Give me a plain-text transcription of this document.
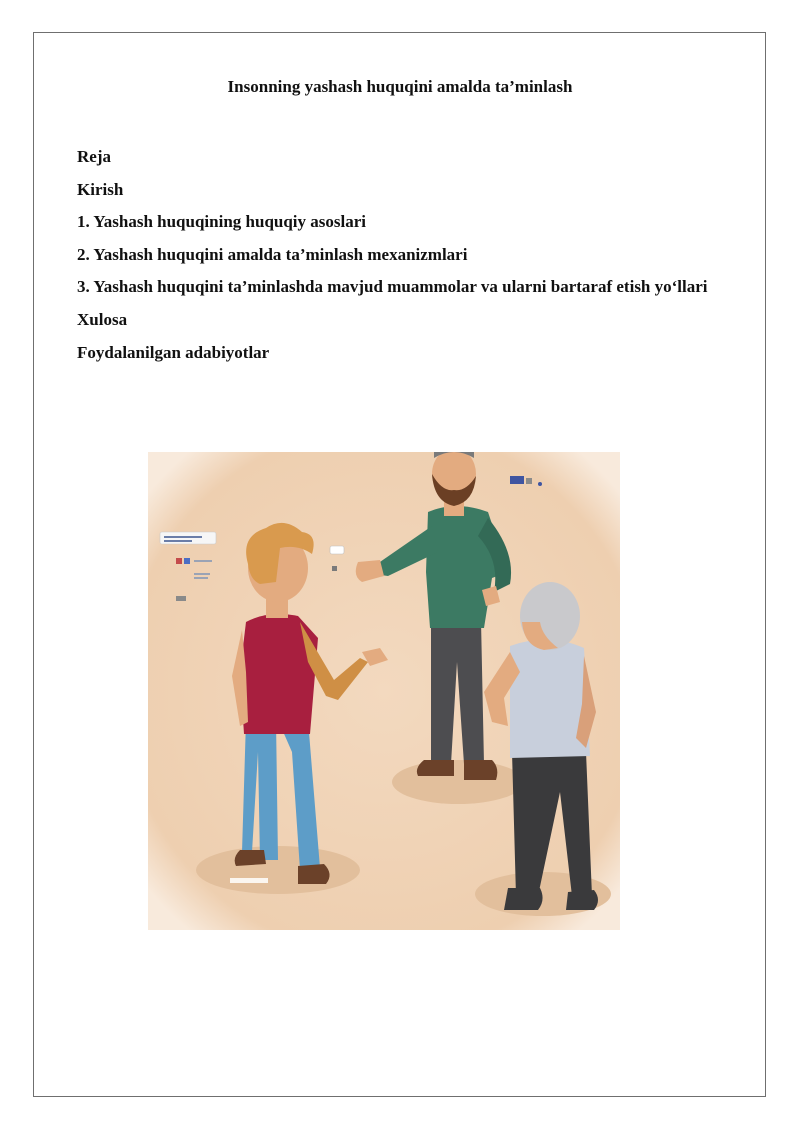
Insonning yashash huquqini amalda ta’minlash
Reja
Kirish
1. Yashash huquqining huquqiy asoslari
2. Yashash huquqini amalda ta’minlash mexanizmlari
3. Yashash huquqini ta’minlashda mavjud muammolar va ularni bartaraf etish yo‘llari
Xulosa
Foydalanilgan adabiyotlar
